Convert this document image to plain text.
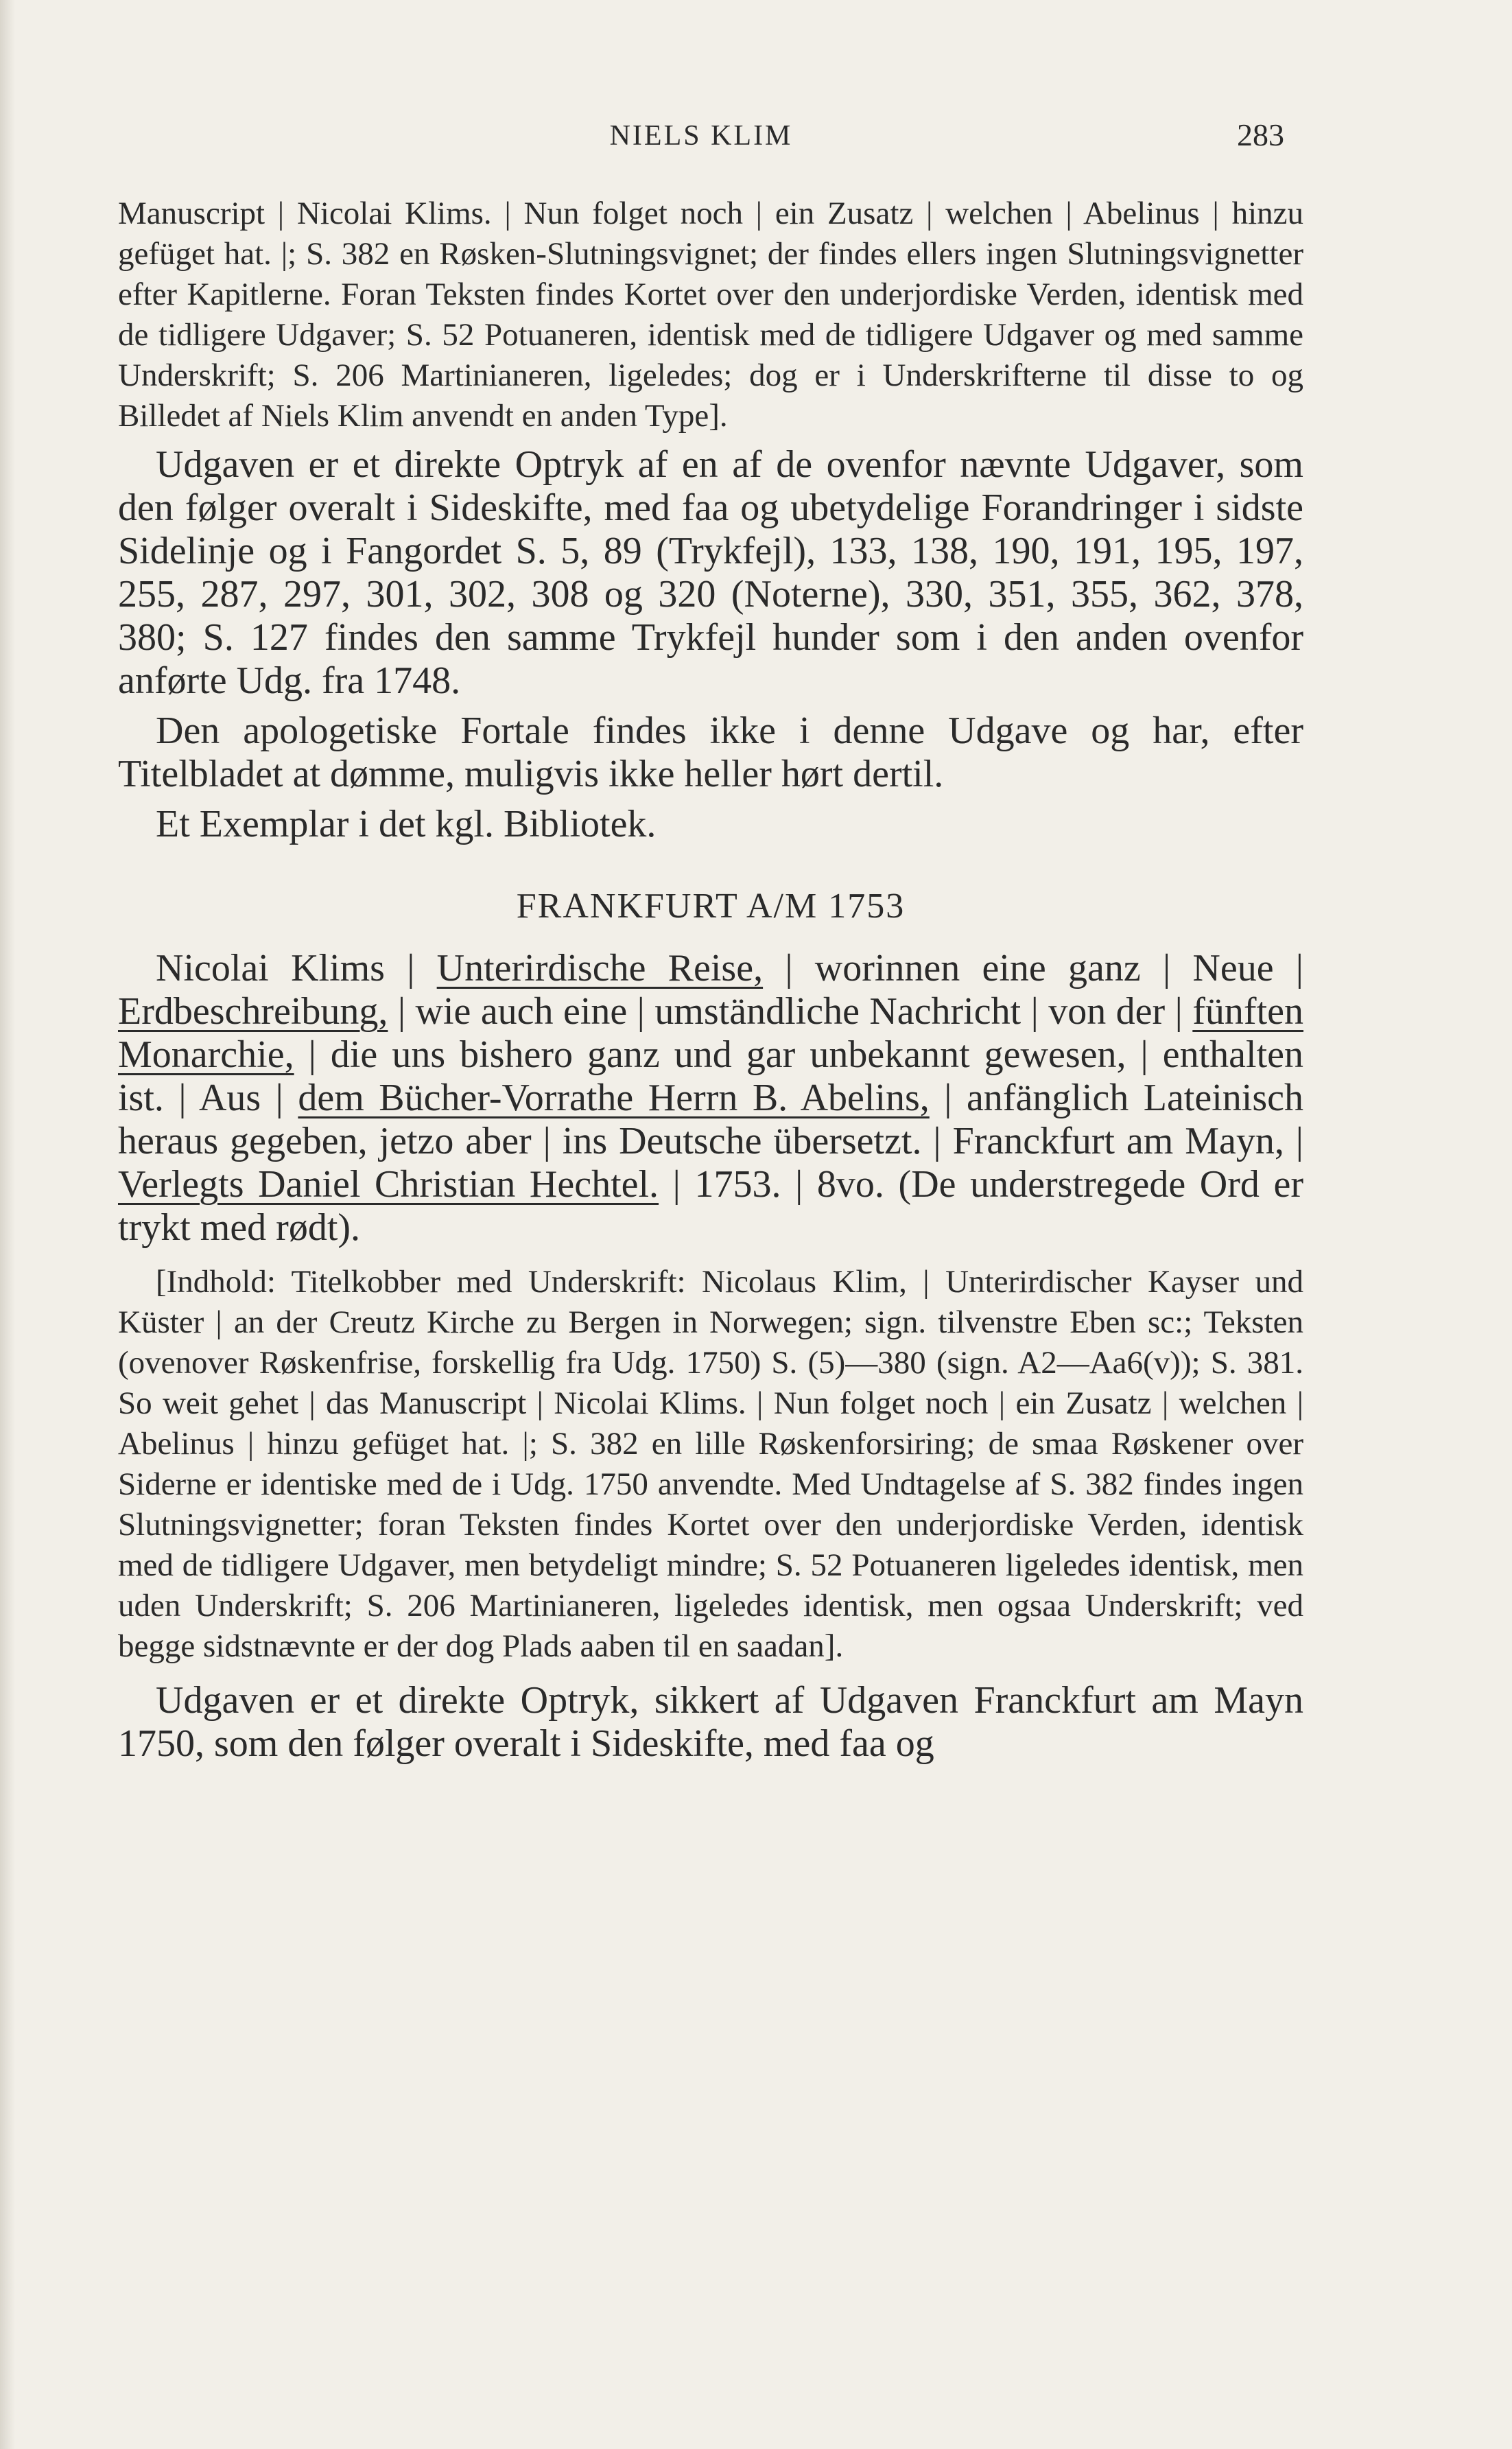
NIELS KLIM	283

Manuscript | Nicolai Klims. | Nun folget noch | ein Zusatz | welchen | Abelinus | hinzu gefüget hat. |; S. 382 en Røsken-Slutningsvignet; der findes ellers ingen Slutningsvignetter efter Kapitlerne. Foran Teksten findes Kortet over den underjordiske Verden, identisk med de tidligere Udgaver; S. 52 Potuaneren, identisk med de tidligere Udgaver og med samme Underskrift; S. 206 Martinianeren, ligeledes; dog er i Underskrifterne til disse to og Billedet af Niels Klim anvendt en anden Type].

Udgaven er et direkte Optryk af en af de ovenfor nævnte Udgaver, som den følger overalt i Sideskifte, med faa og ubetydelige Forandringer i sidste Sidelinje og i Fangordet S. 5, 89 (Trykfejl), 133, 138, 190, 191, 195, 197, 255, 287, 297, 301, 302, 308 og 320 (Noterne), 330, 351, 355, 362, 378, 380; S. 127 findes den samme Trykfejl hunder som i den anden ovenfor anførte Udg. fra 1748.

Den apologetiske Fortale findes ikke i denne Udgave og har, efter Titelbladet at dømme, muligvis ikke heller hørt dertil.

Et Exemplar i det kgl. Bibliotek.

FRANKFURT A/M 1753

Nicolai Klims | Unterirdische Reise, | worinnen eine ganz | Neue | Erdbeschreibung, | wie auch eine | umständliche Nachricht | von der | fünften Monarchie, | die uns bishero ganz und gar unbekannt gewesen, | enthalten ist. | Aus | dem Bücher-Vorrathe Herrn B. Abelins, | anfänglich Lateinisch heraus gegeben, jetzo aber | ins Deutsche übersetzt. | Franckfurt am Mayn, | Verlegts Daniel Christian Hechtel. | 1753. | 8vo. (De understregede Ord er trykt med rødt).

[Indhold: Titelkobber med Underskrift: Nicolaus Klim, | Unterirdischer Kayser und Küster | an der Creutz Kirche zu Bergen in Norwegen; sign. tilvenstre Eben sc:; Teksten (ovenover Røskenfrise, forskellig fra Udg. 1750) S. (5)—380 (sign. A2—Aa6(v)); S. 381. So weit gehet | das Manuscript | Nicolai Klims. | Nun folget noch | ein Zusatz | welchen | Abelinus | hinzu gefüget hat. |; S. 382 en lille Røskenforsiring; de smaa Røskener over Siderne er identiske med de i Udg. 1750 anvendte. Med Undtagelse af S. 382 findes ingen Slutningsvignetter; foran Teksten findes Kortet over den underjordiske Verden, identisk med de tidligere Udgaver, men betydeligt mindre; S. 52 Potuaneren ligeledes identisk, men uden Underskrift; S. 206 Martinianeren, ligeledes identisk, men ogsaa Underskrift; ved begge sidstnævnte er der dog Plads aaben til en saadan].

Udgaven er et direkte Optryk, sikkert af Udgaven Franckfurt am Mayn 1750, som den følger overalt i Sideskifte, med faa og
